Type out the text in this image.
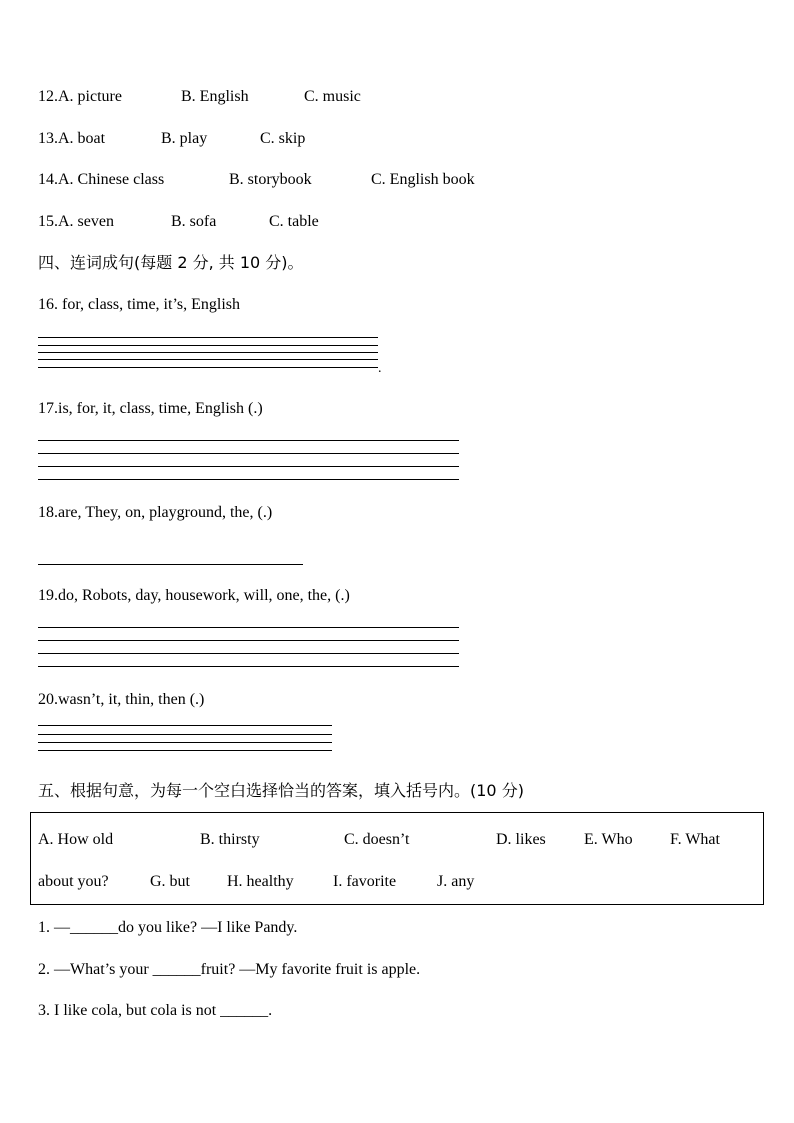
12.A. picture	B. English	C. music
13.A. boat	B. play	C. skip
14.A. Chinese class	B. storybook	C. English book
15.A. seven	B. sofa	C. table
四、连词成句(每题 2 分, 共 10 分)。
16. for, class, time, it’s, English
.
17.is, for, it, class, time, English (.)
18.are, They, on, playground, the, (.)
19.do, Robots, day, housework, will, one, the, (.)
20.wasn’t, it, thin, then (.)
五、根据句意，为每一个空白选择恰当的答案，填入括号内。(10 分)
A. How old	B. thirsty	C. doesn’t	D. likes E. Who F. What
about you?	G. but H. healthy I. favorite	J. any
1. —______do you like? —I like Pandy.
2. —What’s your ______fruit? —My favorite fruit is apple.
3. I like cola, but cola is not ______.
